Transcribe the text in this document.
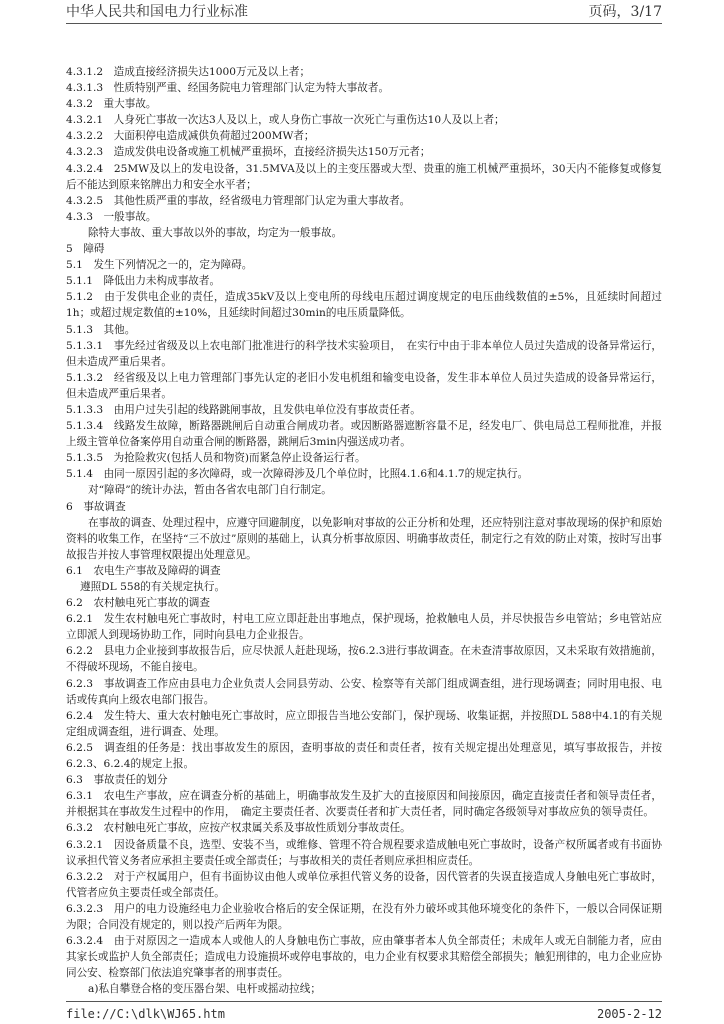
中华人民共和国电力行业标准	页码，3/17

4.3.1.2　造成直接经济损失达1000万元及以上者；

4.3.1.3　性质特别严重、经国务院电力管理部门认定为特大事故者。

4.3.2　重大事故。

4.3.2.1　人身死亡事故一次达3人及以上，或人身伤亡事故一次死亡与重伤达10人及以上者；

4.3.2.2　大面积停电造成减供负荷超过200MW者；

4.3.2.3　造成发供电设备或施工机械严重损坏，直接经济损失达150万元者；

4.3.2.4　25MW及以上的发电设备，31.5MVA及以上的主变压器或大型、贵重的施工机械严重损坏，30天内不能修复或修复后不能达到原来铭牌出力和安全水平者；

4.3.2.5　其他性质严重的事故，经省级电力管理部门认定为重大事故者。

4.3.3　一般事故。

除特大事故、重大事故以外的事故，均定为一般事故。

5　障碍

5.1　发生下列情况之一的，定为障碍。

5.1.1　降低出力未构成事故者。

5.1.2　由于发供电企业的责任，造成35kV及以上变电所的母线电压超过调度规定的电压曲线数值的±5%，且延续时间超过1h；或超过规定数值的±10%，且延续时间超过30min的电压质量降低。

5.1.3　其他。

5.1.3.1　事先经过省级及以上农电部门批准进行的科学技术实验项目，　在实行中由于非本单位人员过失造成的设备异常运行，但未造成严重后果者。

5.1.3.2　经省级及以上电力管理部门事先认定的老旧小发电机组和输变电设备，发生非本单位人员过失造成的设备异常运行，但未造成严重后果者。

5.1.3.3　由用户过失引起的线路跳闸事故，且发供电单位没有事故责任者。

5.1.3.4　线路发生故障，断路器跳闸后自动重合闸成功者。或因断路器遮断容量不足，经发电厂、供电局总工程师批准，并报上级主管单位备案停用自动重合闸的断路器，跳闸后3min内强送成功者。

5.1.3.5　为抢险救灾(包括人员和物资)而紧急停止设备运行者。

5.1.4　由同一原因引起的多次障碍，或一次障碍涉及几个单位时，比照4.1.6和4.1.7的规定执行。

对“障碍”的统计办法，暂由各省农电部门自行制定。

6　事故调查

在事故的调查、处理过程中，应遵守回避制度，以免影响对事故的公正分析和处理，还应特别注意对事故现场的保护和原始资料的收集工作，在坚持“三不放过”原则的基础上，认真分析事故原因、明确事故责任，制定行之有效的防止对策，按时写出事故报告并按人事管理权限提出处理意见。

6.1　农电生产事故及障碍的调查

遵照DL 558的有关规定执行。

6.2　农村触电死亡事故的调查

6.2.1　发生农村触电死亡事故时，村电工应立即赶赴出事地点，保护现场，抢救触电人员，并尽快报告乡电管站；乡电管站应立即派人到现场协助工作，同时向县电力企业报告。

6.2.2　县电力企业接到事故报告后，应尽快派人赶赴现场，按6.2.3进行事故调查。在未查清事故原因，又未采取有效措施前，不得破坏现场，不能自接电。

6.2.3　事故调查工作应由县电力企业负责人会同县劳动、公安、检察等有关部门组成调查组，进行现场调查；同时用电报、电话或传真向上级农电部门报告。

6.2.4　发生特大、重大农村触电死亡事故时，应立即报告当地公安部门，保护现场、收集证据，并按照DL 588中4.1的有关规定组成调查组，进行调查、处理。

6.2.5　调查组的任务是：找出事故发生的原因，查明事故的责任和责任者，按有关规定提出处理意见，填写事故报告，并按6.2.3、6.2.4的规定上报。

6.3　事故责任的划分

6.3.1　农电生产事故，应在调查分析的基础上，明确事故发生及扩大的直接原因和间接原因，确定直接责任者和领导责任者，并根据其在事故发生过程中的作用，　确定主要责任者、次要责任者和扩大责任者，同时确定各级领导对事故应负的领导责任。

6.3.2　农村触电死亡事故，应按产权隶属关系及事故性质划分事故责任。

6.3.2.1　因设备质量不良，选型、安装不当，或维修、管理不符合规程要求造成触电死亡事故时，设备产权所属者或有书面协议承担代管义务者应承担主要责任或全部责任；与事故相关的责任者则应承担相应责任。

6.3.2.2　对于产权属用户，但有书面协议由他人或单位承担代管义务的设备，因代管者的失误直接造成人身触电死亡事故时，代管者应负主要责任或全部责任。

6.3.2.3　用户的电力设施经电力企业验收合格后的安全保证期，在没有外力破坏或其他环境变化的条件下，一般以合同保证期为限；合同没有规定的，则以投产后两年为限。

6.3.2.4　由于对原因之一造成本人或他人的人身触电伤亡事故，应由肇事者本人负全部责任；未成年人或无自制能力者，应由其家长或监护人负全部责任；造成电力设施损坏或停电事故的，电力企业有权要求其赔偿全部损失；触犯刑律的，电力企业应协同公安、检察部门依法追究肇事者的刑事责任。

a)私自攀登合格的变压器台架、电杆或摇动拉线；

file://C:\dlk\WJ65.htm	2005-2-12
